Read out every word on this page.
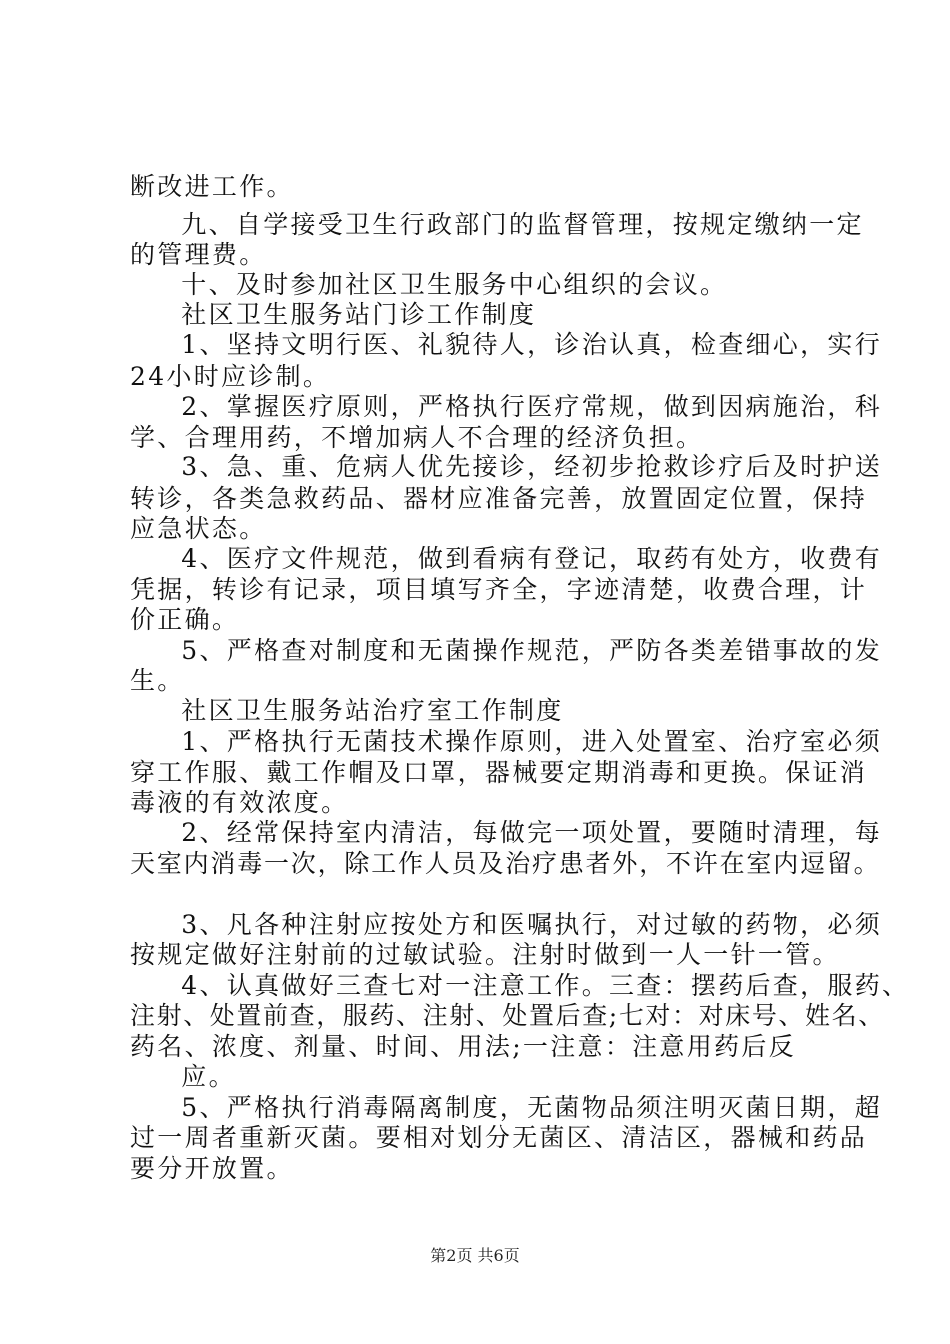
断改进工作。
　九、自学接受卫生行政部门的监督管理，按规定缴纳一定
的管理费。
　十、及时参加社区卫生服务中心组织的会议。
　社区卫生服务站门诊工作制度
　1、坚持文明行医、礼貌待人，诊治认真，检查细心，实行
24小时应诊制。
　2、掌握医疗原则，严格执行医疗常规，做到因病施治，科
学、合理用药，不增加病人不合理的经济负担。
　3、急、重、危病人优先接诊，经初步抢救诊疗后及时护送
转诊，各类急救药品、器材应准备完善，放置固定位置，保持
应急状态。
　4、医疗文件规范，做到看病有登记，取药有处方，收费有
凭据，转诊有记录，项目填写齐全，字迹清楚，收费合理，计
价正确。
　5、严格查对制度和无菌操作规范，严防各类差错事故的发
生。
　社区卫生服务站治疗室工作制度
　1、严格执行无菌技术操作原则，进入处置室、治疗室必须
穿工作服、戴工作帽及口罩，器械要定期消毒和更换。保证消
毒液的有效浓度。
　2、经常保持室内清洁，每做完一项处置，要随时清理，每
天室内消毒一次，除工作人员及治疗患者外，不许在室内逗留。
　3、凡各种注射应按处方和医嘱执行，对过敏的药物，必须
按规定做好注射前的过敏试验。注射时做到一人一针一管。
　4、认真做好三查七对一注意工作。三查：摆药后查，服药、
注射、处置前查，服药、注射、处置后查;七对：对床号、姓名、
药名、浓度、剂量、时间、用法;一注意：注意用药后反
　应。
　5、严格执行消毒隔离制度，无菌物品须注明灭菌日期，超
过一周者重新灭菌。要相对划分无菌区、清洁区，器械和药品
要分开放置。
第2页 共6页
